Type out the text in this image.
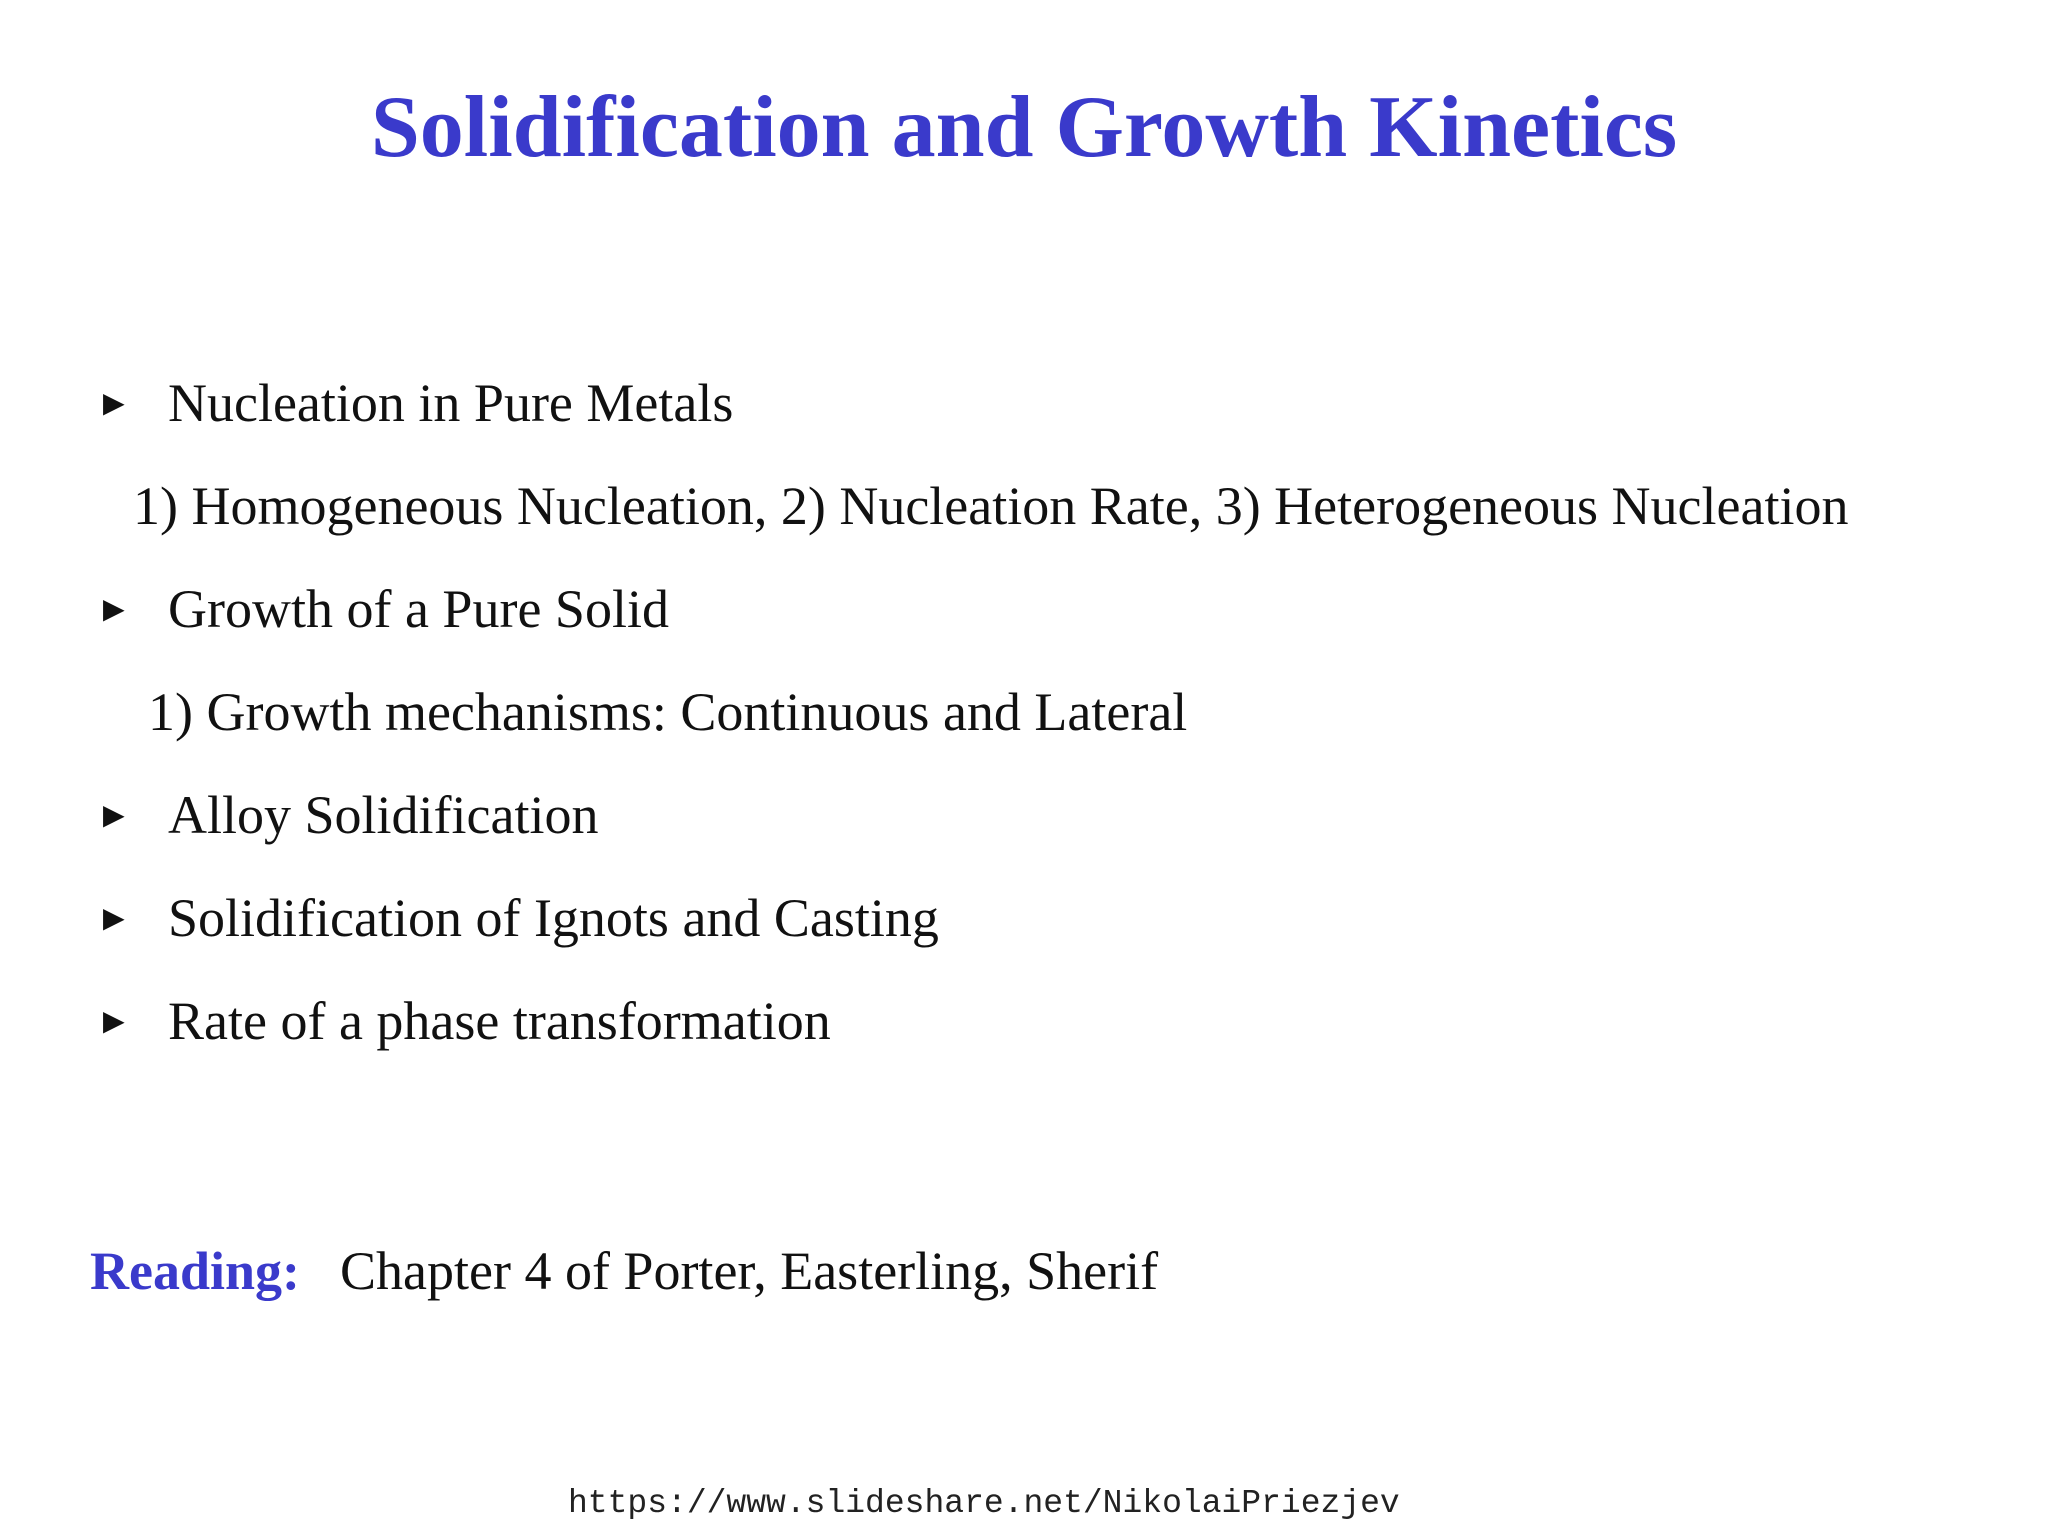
Solidification and Growth Kinetics
► Nucleation in Pure Metals
1) Homogeneous Nucleation, 2) Nucleation Rate, 3) Heterogeneous Nucleation
► Growth of a Pure Solid
1) Growth mechanisms: Continuous and Lateral
► Alloy Solidification
► Solidification of Ignots and Casting
► Rate of a phase transformation
Reading: Chapter 4 of Porter, Easterling, Sherif
https://www.slideshare.net/NikolaiPriezjev
